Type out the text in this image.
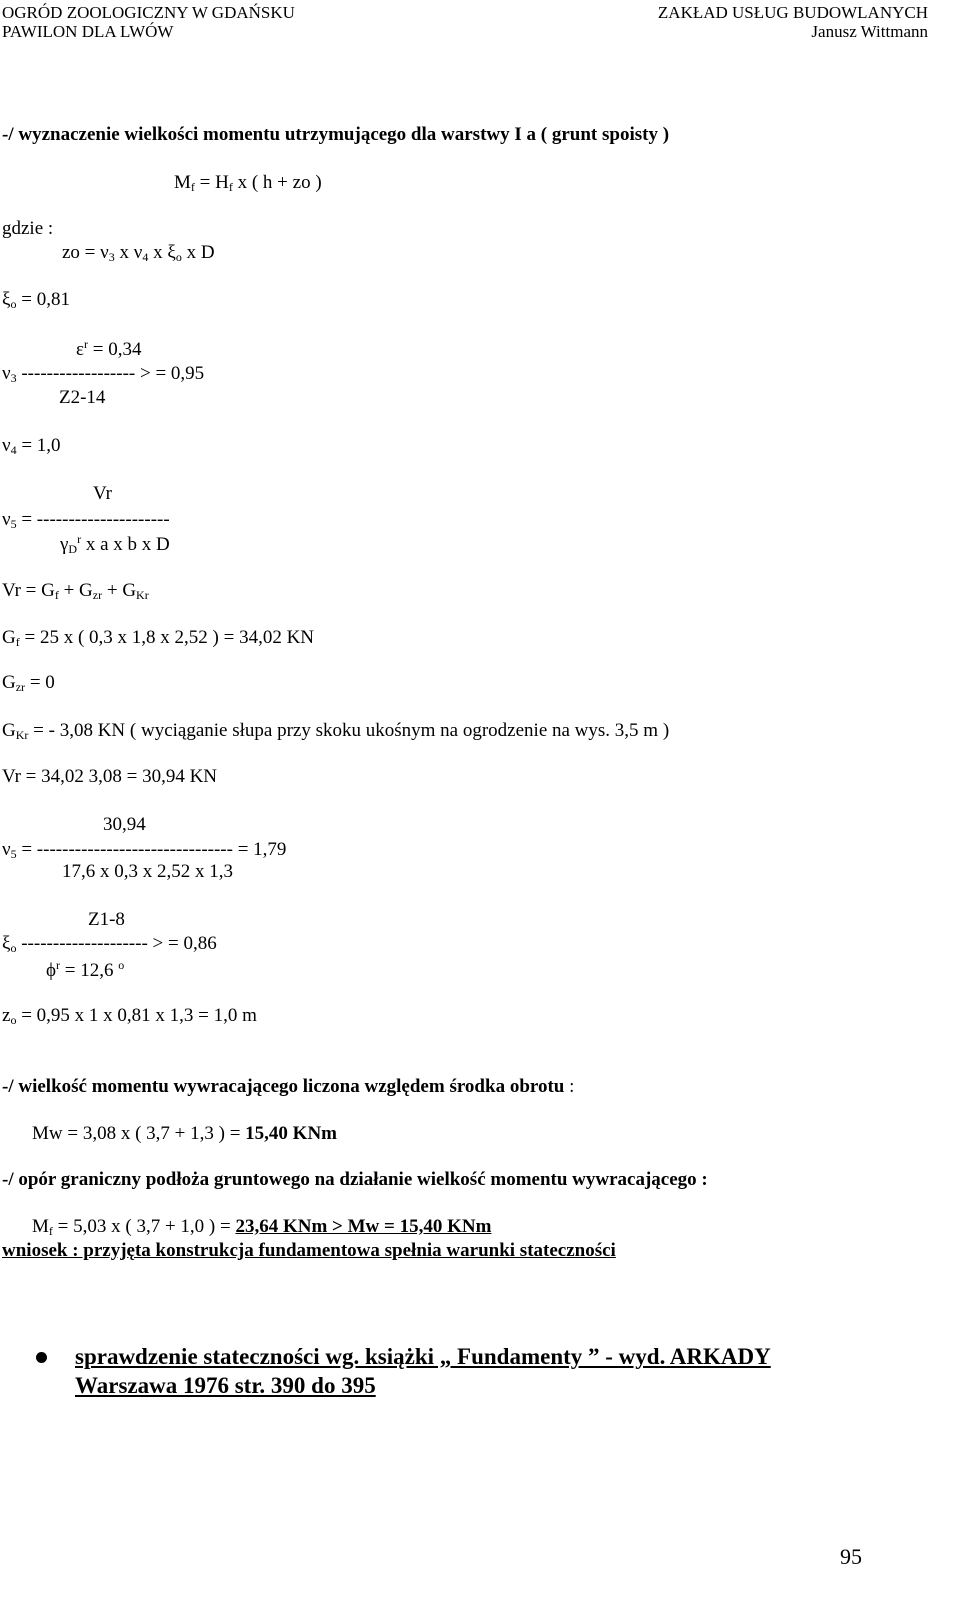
OGRÓD ZOOLOGICZNY W GDAŃSKU
PAWILON DLA LWÓW
ZAKŁAD USŁUG BUDOWLANYCH
Janusz Wittmann
-/ wyznaczenie wielkości momentu utrzymującego dla warstwy I a ( grunt spoisty )
Mf = Hf x ( h + zo )
gdzie :
zo = ν3 x ν4 x ξo x D
ξo = 0,81
$\varepsilon^r = 0,34$
ν3 ------------------ > = 0,95
Z2-14
ν4 = 1,0
Vr
ν5 = ---------------------
$\gamma D^r$ x a x b x D
Vr = Gf + Gzr + GKr
Gf = 25 x ( 0,3 x 1,8 x 2,52 ) = 34,02 KN
Gzr = 0
GKr = - 3,08 KN ( wyciąganie słupa przy skoku ukośnym na ogrodzenie na wys. 3,5 m )
Vr = 34,02 3,08 = 30,94 KN
30,94
ν5 = ------------------------------- = 1,79
17,6 x 0,3 x 2,52 x 1,3
Z1-8
ξo -------------------- > = 0,86
$\phi^r = 12,6$ $^o$
zo = 0,95 x 1 x 0,81 x 1,3 = 1,0 m
-/ wielkość momentu wywracającego liczona względem środka obrotu :
Mw = 3,08 x ( 3,7 + 1,3 ) = 15,40 KNm
-/ opór graniczny podłoża gruntowego na działanie wielkość momentu wywracającego :
Mf = 5,03 x ( 3,7 + 1,0 ) = 23,64 KNm > Mw = 15,40 KNm
wniosek : przyjęta konstrukcja fundamentowa spełnia warunki stateczności
sprawdzenie stateczności wg. książki „ Fundamenty ” - wyd. ARKADY
Warszawa 1976 str. 390 do 395
95
